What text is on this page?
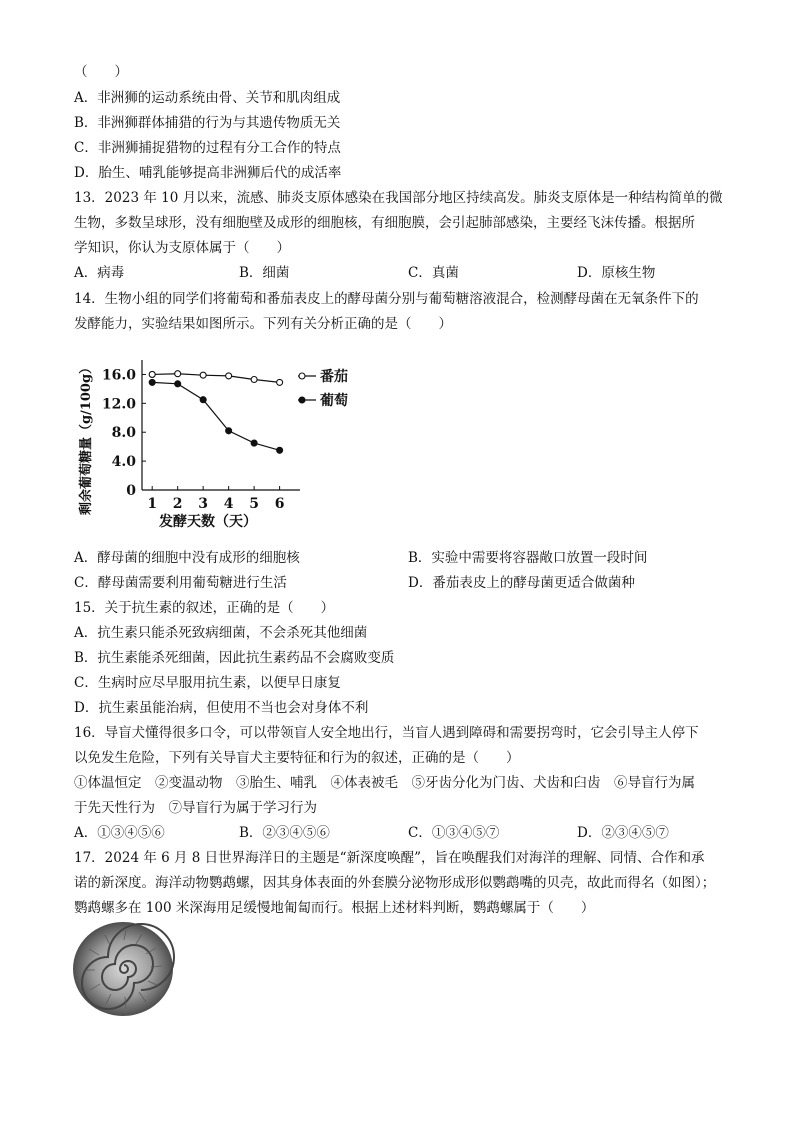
（　　）
A．非洲狮的运动系统由骨、关节和肌肉组成
B．非洲狮群体捕猎的行为与其遗传物质无关
C．非洲狮捕捉猎物的过程有分工合作的特点
D．胎生、哺乳能够提高非洲狮后代的成活率
13．2023 年 10 月以来，流感、肺炎支原体感染在我国部分地区持续高发。肺炎支原体是一种结构简单的微
生物，多数呈球形，没有细胞壁及成形的细胞核，有细胞膜，会引起肺部感染，主要经飞沫传播。根据所
学知识，你认为支原体属于（　　）
A．病毒	B．细菌	C．真菌	D．原核生物
14．生物小组的同学们将葡萄和番茄表皮上的酵母菌分别与葡萄糖溶液混合，检测酵母菌在无氧条件下的
发酵能力，实验结果如图所示。下列有关分析正确的是（　　）
0
4.0
8.0
12.0
16.0
1 2 3 4 5 6
番茄
葡萄
剩余葡萄糖量（g/100g）
发酵天数（天）
A．酵母菌的细胞中没有成形的细胞核	B．实验中需要将容器敞口放置一段时间
C．酵母菌需要利用葡萄糖进行生活	D．番茄表皮上的酵母菌更适合做菌种
15．关于抗生素的叙述，正确的是（　　）
A．抗生素只能杀死致病细菌，不会杀死其他细菌
B．抗生素能杀死细菌，因此抗生素药品不会腐败变质
C．生病时应尽早服用抗生素，以便早日康复
D．抗生素虽能治病，但使用不当也会对身体不利
16．导盲犬懂得很多口令，可以带领盲人安全地出行，当盲人遇到障碍和需要拐弯时，它会引导主人停下
以免发生危险，下列有关导盲犬主要特征和行为的叙述，正确的是（　　）
①体温恒定　②变温动物　③胎生、哺乳　④体表被毛　⑤牙齿分化为门齿、犬齿和臼齿　⑥导盲行为属
于先天性行为　⑦导盲行为属于学习行为
A．①③④⑤⑥	B．②③④⑤⑥	C．①③④⑤⑦	D．②③④⑤⑦
17．2024 年 6 月 8 日世界海洋日的主题是“新深度唤醒”，旨在唤醒我们对海洋的理解、同情、合作和承
诺的新深度。海洋动物鹦鹉螺，因其身体表面的外套膜分泌物形成形似鹦鹉嘴的贝壳，故此而得名（如图）；
鹦鹉螺多在 100 米深海用足缓慢地匍匐而行。根据上述材料判断，鹦鹉螺属于（　　）
